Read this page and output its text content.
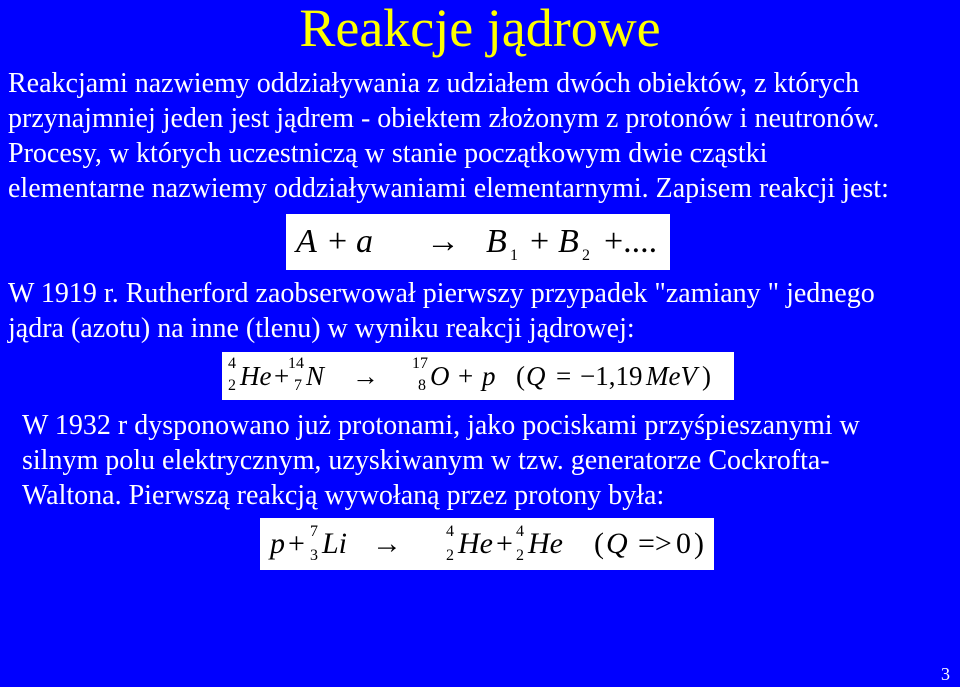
Reakcje jądrowe
Reakcjami nazwiemy oddziaływania z udziałem dwóch obiektów, z których
przynajmniej jeden jest jądrem - obiektem złożonym z protonów i neutronów.
Procesy, w których uczestniczą w stanie początkowym dwie cząstki
elementarne nazwiemy oddziaływaniami elementarnymi. Zapisem reakcji jest:
A + a → B 1 + B 2 +....
W 1919 r. Rutherford zaobserwował pierwszy przypadek "zamiany " jednego
jądra (azotu) na inne (tlenu) w wyniku reakcji jądrowej:
4
2 He +
14
7 N → 17
8 O + p ( Q = −1,19 MeV )
W 1932 r dysponowano już protonami, jako pociskami przyśpieszanymi w
silnym polu elektrycznym, uzyskiwanym w tzw. generatorze Cockrofta-
Waltona. Pierwszą reakcją wywołaną przez protony była:
p + 7
3 Li →	4
2 He + 4
2 He ( Q => 0 )
3
